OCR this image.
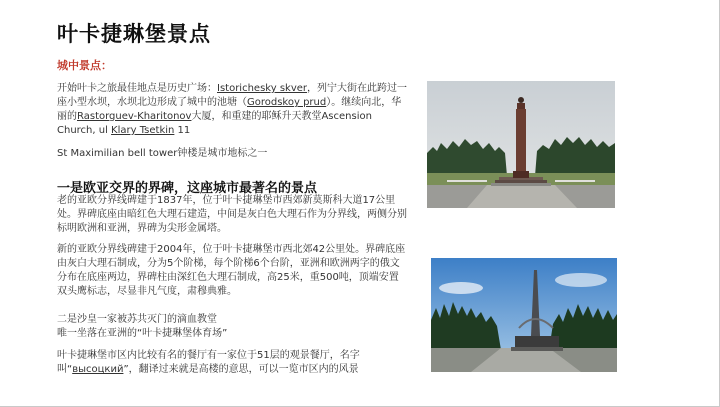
叶卡捷琳堡景点
城中景点：
开始叶卡之旅最佳地点是历史广场：Istorichesky skver，列宁大街在此跨过一座小型水坝，水坝北边形成了城中的池塘（Gorodskoy prud）。继续向北，华丽的Rastorguev-Kharitonov大厦，和重建的耶稣升天教堂Ascension Church, ul Klary Tsetkin 11
St Maximilian bell tower钟楼是城市地标之一
一是欧亚交界的界碑，这座城市最著名的景点
老的亚欧分界线碑建于1837年，位于叶卡捷琳堡市西郊新莫斯科大道17公里处。界碑底座由暗红色大理石建造，中间是灰白色大理石作为分界线，两侧分别标明欧洲和亚洲，界碑为尖形金属塔。
新的亚欧分界线碑建于2004年，位于叶卡捷琳堡市西北郊42公里处。界碑底座由灰白大理石制成，分为5个阶梯，每个阶梯6个台阶，亚洲和欧洲两字的俄文分布在底座两边，界碑柱由深红色大理石制成，高25米，重500吨，顶端安置双头鹰标志，尽显非凡气度，肃穆典雅。
二是沙皇一家被苏共灭门的滴血教堂
唯一坐落在亚洲的“叶卡捷琳堡体育场”
叶卡捷琳堡市区内比较有名的餐厅有一家位于51层的观景餐厅，名字叫“высоцкий”，翻译过来就是高楼的意思，可以一览市区内的风景
